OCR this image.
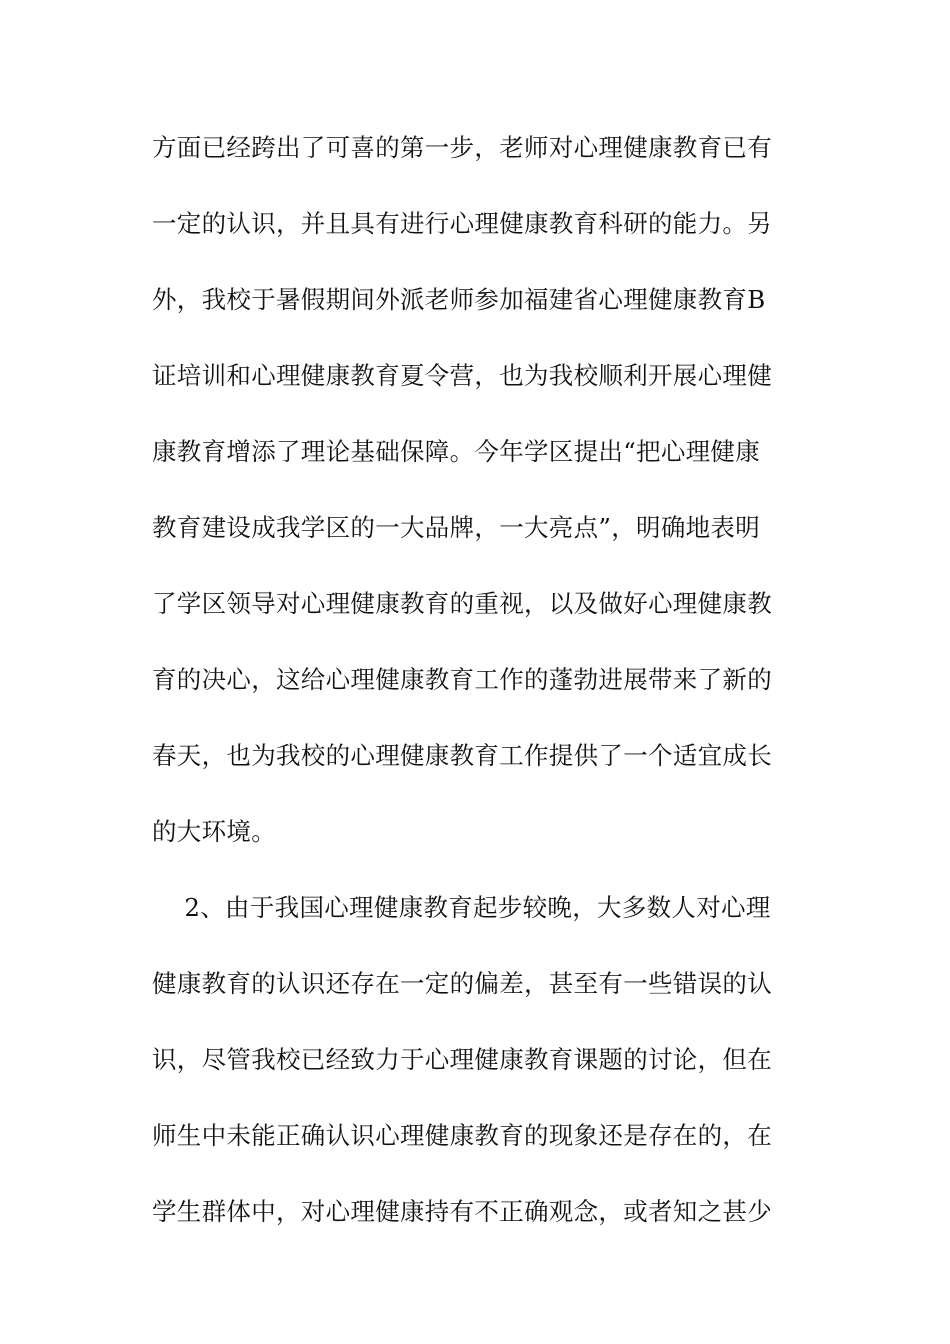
方面已经跨出了可喜的第一步，老师对心理健康教育已有
一定的认识，并且具有进行心理健康教育科研的能力。另
外，我校于暑假期间外派老师参加福建省心理健康教育B
证培训和心理健康教育夏令营，也为我校顺利开展心理健
康教育增添了理论基础保障。今年学区提出“把心理健康
教育建设成我学区的一大品牌，一大亮点”，明确地表明
了学区领导对心理健康教育的重视，以及做好心理健康教
育的决心，这给心理健康教育工作的蓬勃进展带来了新的
春天，也为我校的心理健康教育工作提供了一个适宜成长
的大环境。
2、由于我国心理健康教育起步较晚，大多数人对心理
健康教育的认识还存在一定的偏差，甚至有一些错误的认
识，尽管我校已经致力于心理健康教育课题的讨论，但在
师生中未能正确认识心理健康教育的现象还是存在的，在
学生群体中，对心理健康持有不正确观念，或者知之甚少
